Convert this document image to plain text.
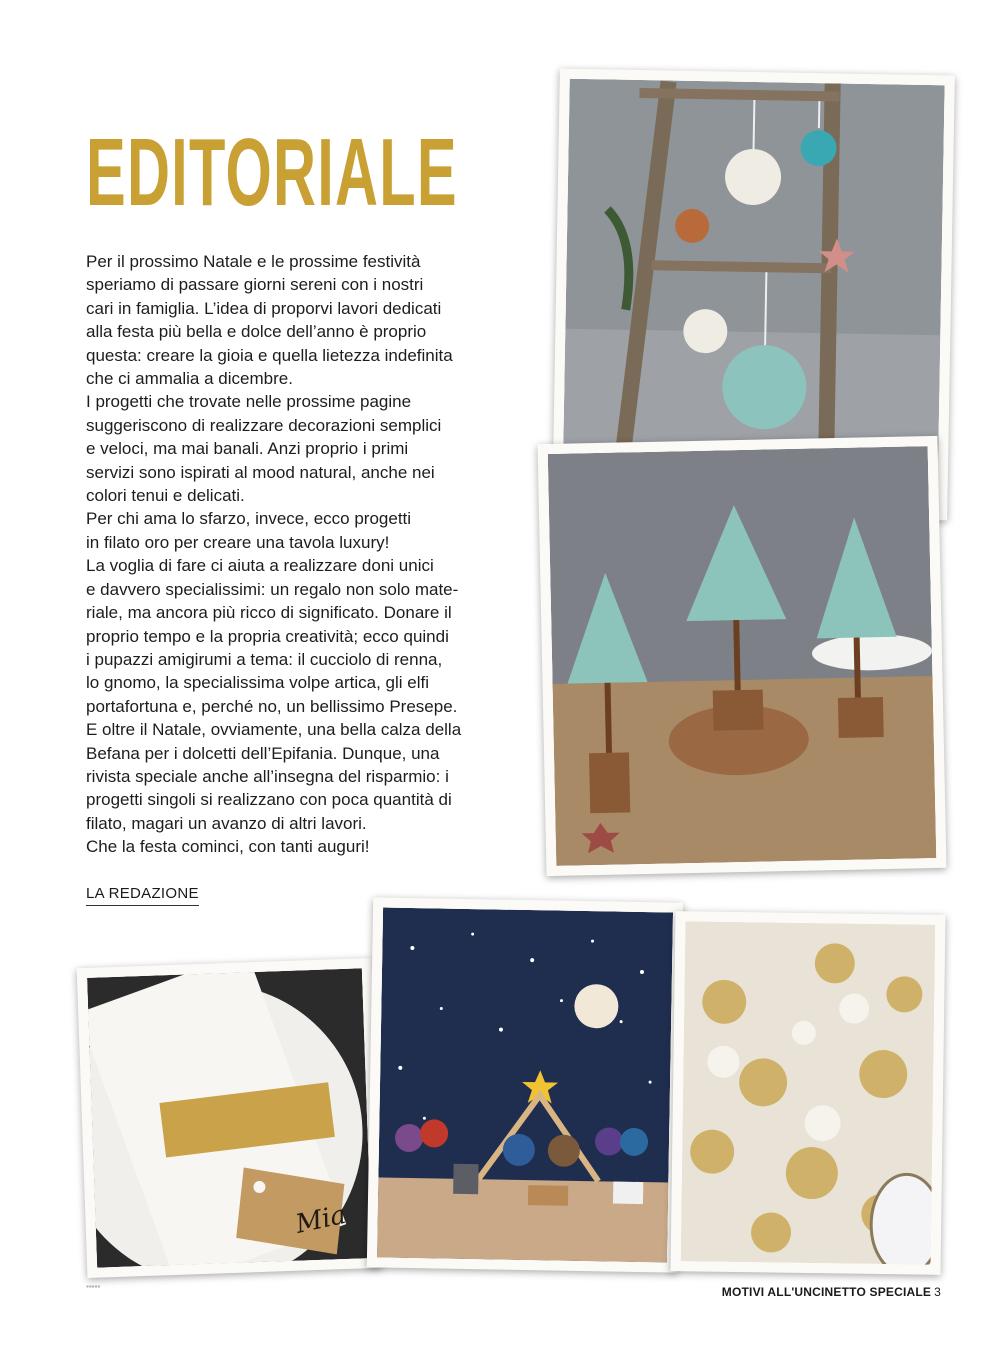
EDITORIALE

Per il prossimo Natale e le prossime festività
speriamo di passare giorni sereni con i nostri
cari in famiglia. L’idea di proporvi lavori dedicati
alla festa più bella e dolce dell’anno è proprio
questa: creare la gioia e quella lietezza indefinita
che ci ammalia a dicembre.

I progetti che trovate nelle prossime pagine
suggeriscono di realizzare decorazioni semplici
e veloci, ma mai banali. Anzi proprio i primi
servizi sono ispirati al mood natural, anche nei
colori tenui e delicati.

Per chi ama lo sfarzo, invece, ecco progetti
in filato oro per creare una tavola luxury!

La voglia di fare ci aiuta a realizzare doni unici
e davvero specialissimi: un regalo non solo mate-
riale, ma ancora più ricco di significato. Donare il
proprio tempo e la propria creatività; ecco quindi
i pupazzi amigirumi a tema: il cucciolo di renna,
lo gnomo, la specialissima volpe artica, gli elfi
portafortuna e, perché no, un bellissimo Presepe.

E oltre il Natale, ovviamente, una bella calza della
Befana per i dolcetti dell’Epifania. Dunque, una
rivista speciale anche all’insegna del risparmio: i
progetti singoli si realizzano con poca quantità di
filato, magari un avanzo di altri lavori.

Che la festa cominci, con tanti auguri!

LA REDAZIONE
Mia
▪▪▪▪▪	MOTIVI ALL'UNCINETTO SPECIALE 3
